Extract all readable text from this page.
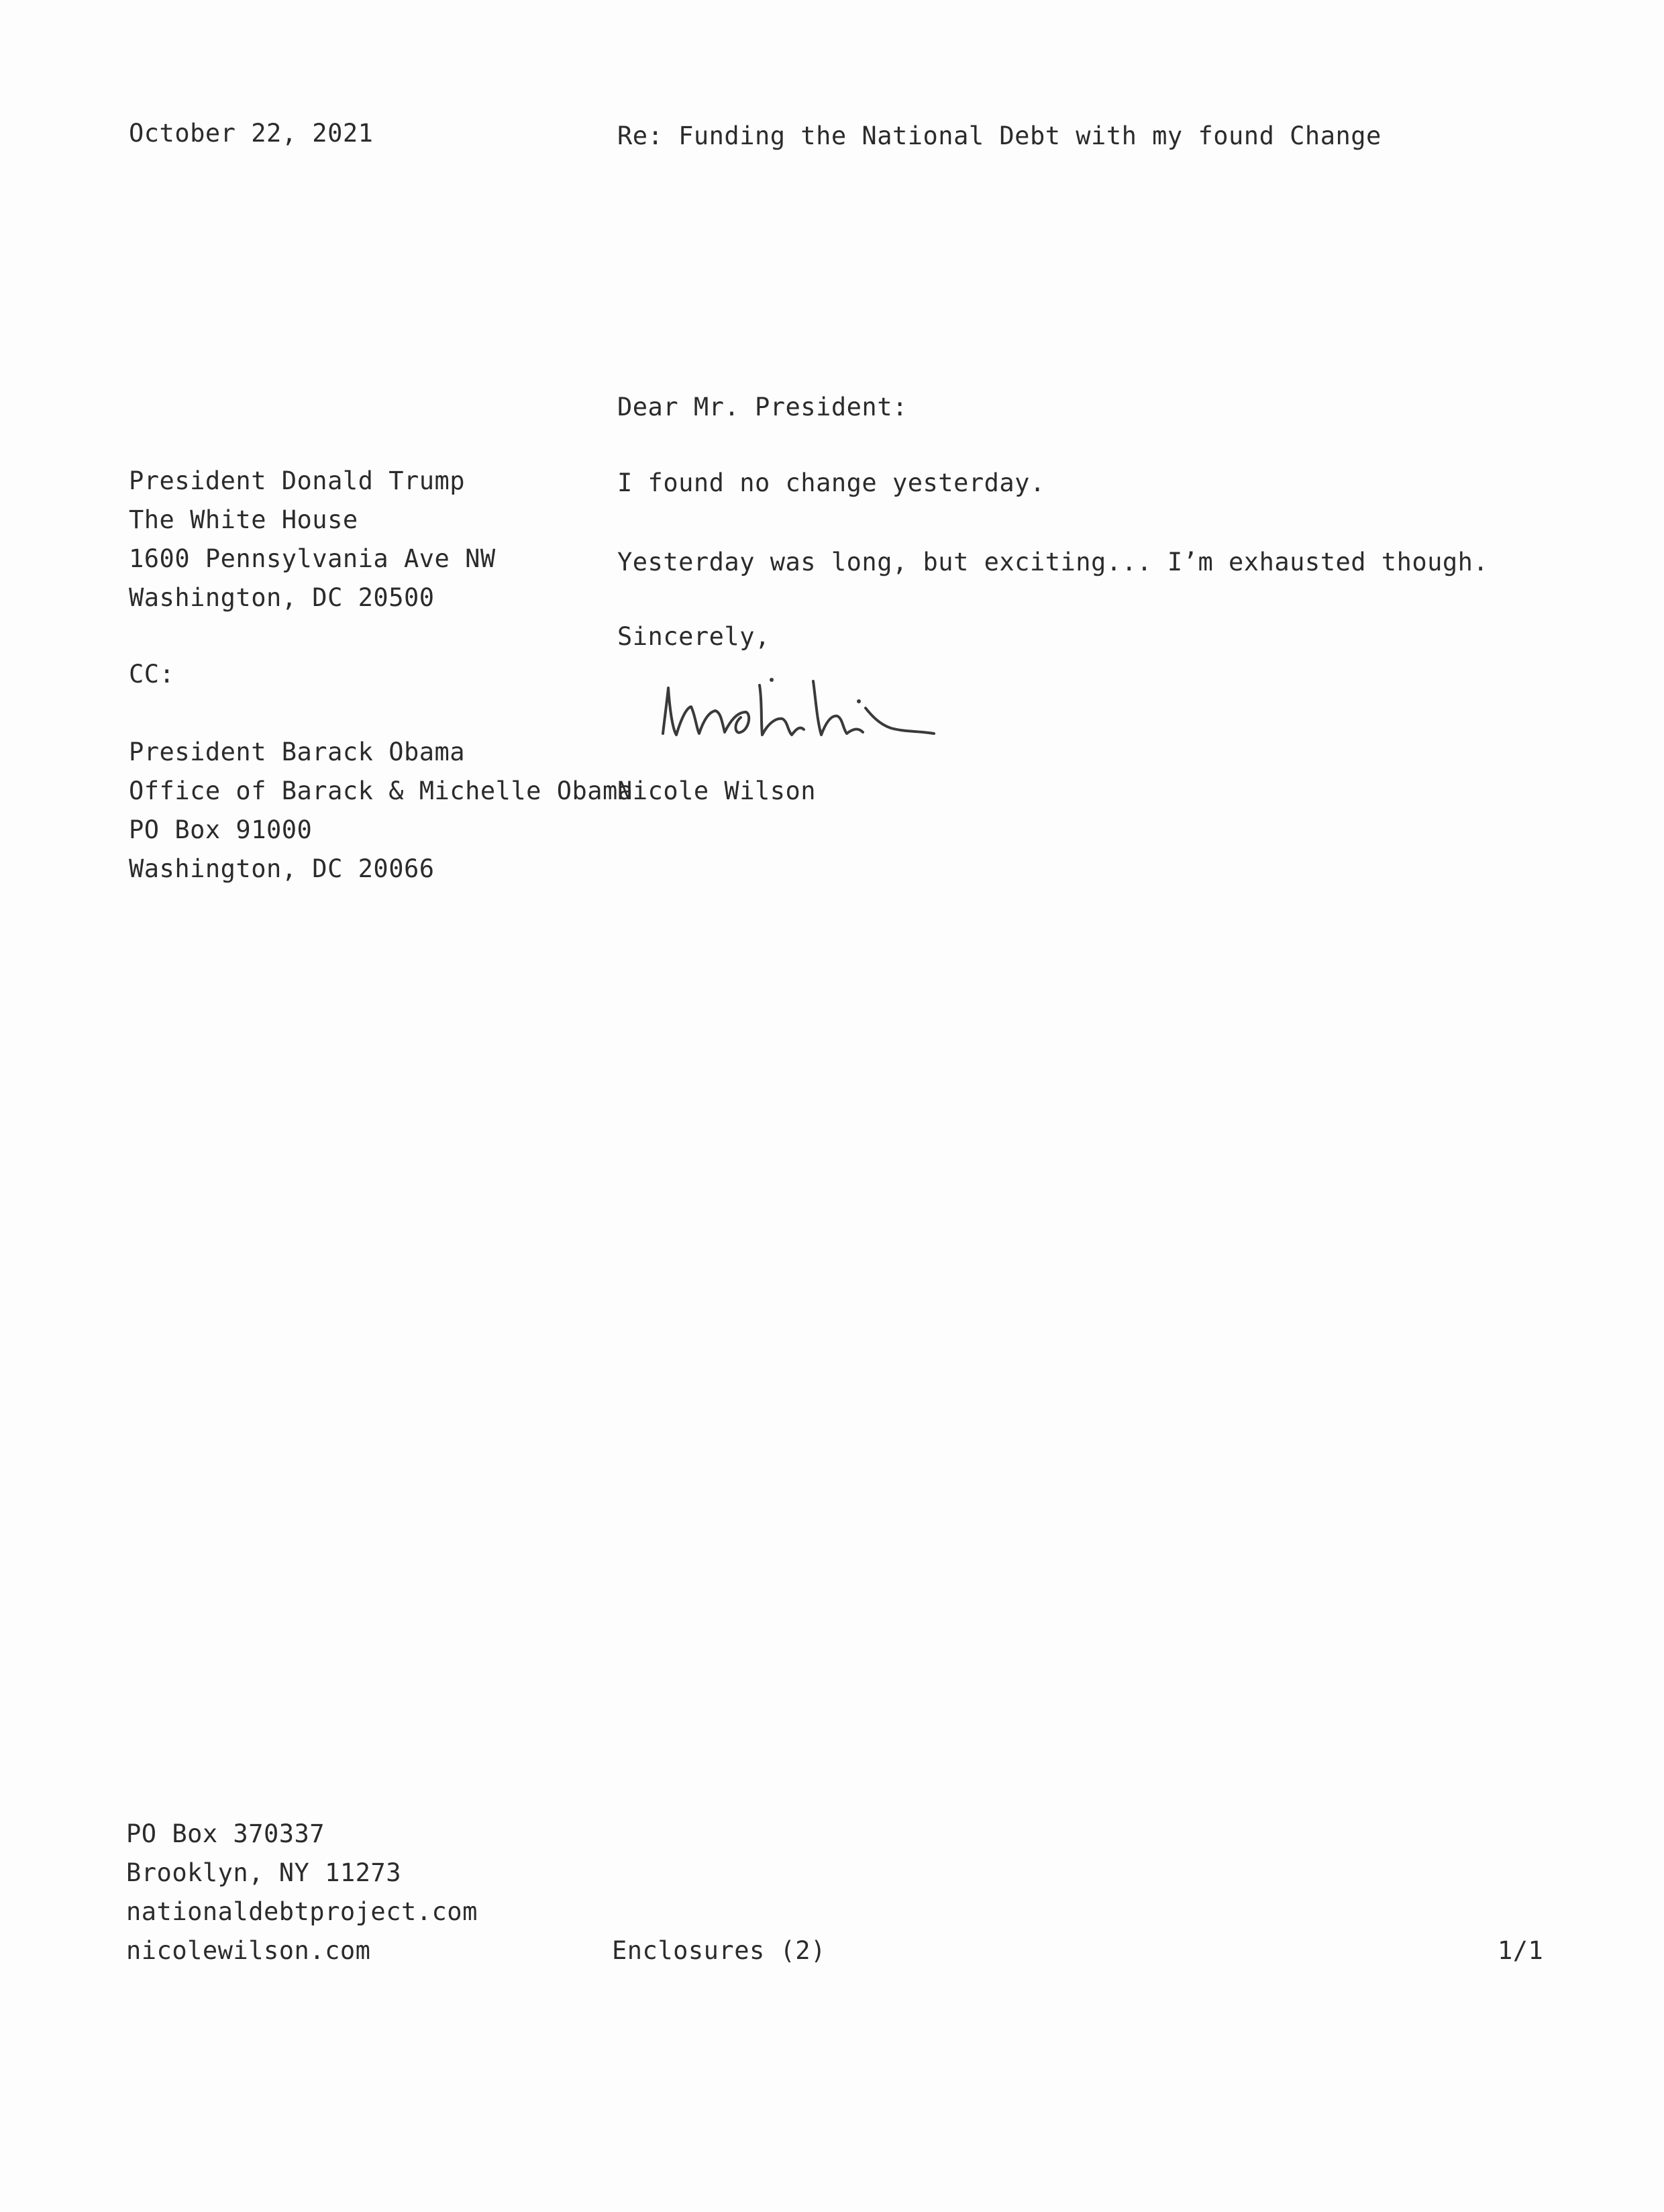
October 22, 2021	Re: Funding the National Debt with my found Change
Dear Mr. President:
President Donald Trump
The White House
1600 Pennsylvania Ave NW
Washington, DC 20500
I found no change yesterday.
Yesterday was long, but exciting... I’m exhausted though.
Sincerely,
CC:
President Barack Obama
Office of Barack & Michelle Obama
PO Box 91000
Washington, DC 20066
Nicole Wilson
PO Box 370337
Brooklyn, NY 11273
nationaldebtproject.com
nicolewilson.com	Enclosures (2)	1/1
